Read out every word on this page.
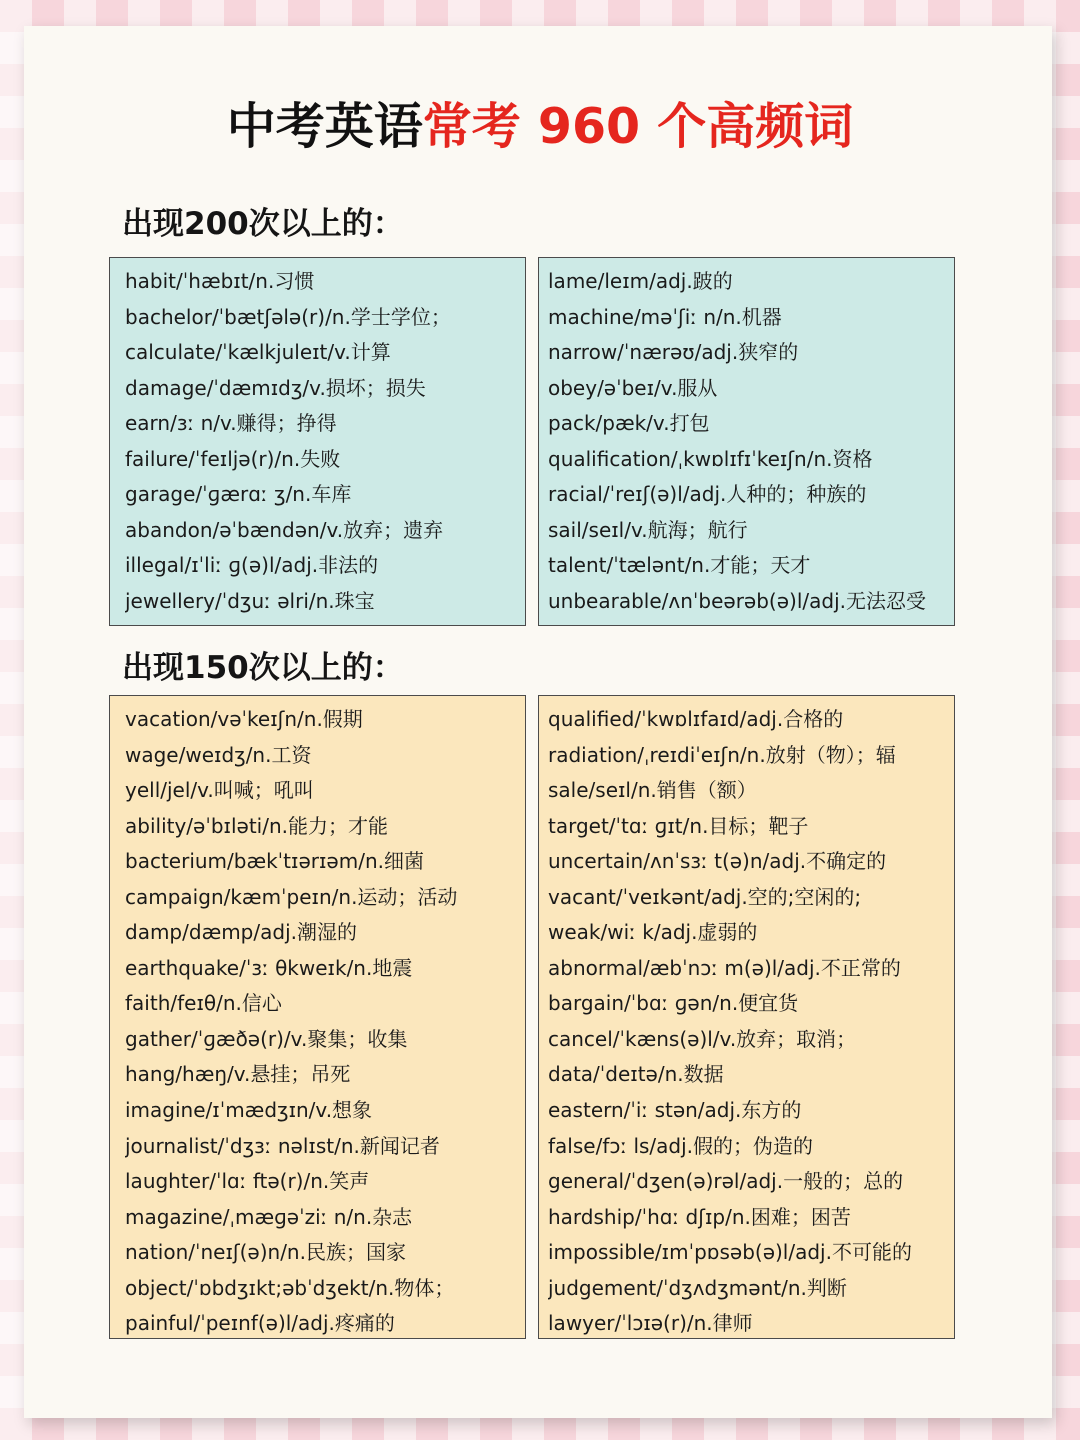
中考英语常考 960 个高频词
出现200次以上的：
habit/ˈhæbɪt/n.习惯
bachelor/ˈbætʃələ(r)/n.学士学位；
calculate/ˈkælkjuleɪt/v.计算
damage/ˈdæmɪdʒ/v.损坏；损失
earn/ɜː n/v.赚得；挣得
failure/ˈfeɪljə(r)/n.失败
garage/ˈɡærɑː ʒ/n.车库
abandon/əˈbændən/v.放弃；遗弃
illegal/ɪˈliː ɡ(ə)l/adj.非法的
jewellery/ˈdʒuː əlri/n.珠宝
lame/leɪm/adj.跛的
machine/məˈʃiː n/n.机器
narrow/ˈnærəʊ/adj.狭窄的
obey/əˈbeɪ/v.服从
pack/pæk/v.打包
qualification/ˌkwɒlɪfɪˈkeɪʃn/n.资格
racial/ˈreɪʃ(ə)l/adj.人种的；种族的
sail/seɪl/v.航海；航行
talent/ˈtælənt/n.才能；天才
unbearable/ʌnˈbeərəb(ə)l/adj.无法忍受
出现150次以上的：
vacation/vəˈkeɪʃn/n.假期
wage/weɪdʒ/n.工资
yell/jel/v.叫喊；吼叫
ability/əˈbɪləti/n.能力；才能
bacterium/bækˈtɪərɪəm/n.细菌
campaign/kæmˈpeɪn/n.运动；活动
damp/dæmp/adj.潮湿的
earthquake/ˈɜː θkweɪk/n.地震
faith/feɪθ/n.信心
gather/ˈɡæðə(r)/v.聚集；收集
hang/hæŋ/v.悬挂；吊死
imagine/ɪˈmædʒɪn/v.想象
journalist/ˈdʒɜː nəlɪst/n.新闻记者
laughter/ˈlɑː ftə(r)/n.笑声
magazine/ˌmæɡəˈziː n/n.杂志
nation/ˈneɪʃ(ə)n/n.民族；国家
object/ˈɒbdʒɪkt;əbˈdʒekt/n.物体；
painful/ˈpeɪnf(ə)l/adj.疼痛的
qualified/ˈkwɒlɪfaɪd/adj.合格的
radiation/ˌreɪdiˈeɪʃn/n.放射（物）；辐
sale/seɪl/n.销售（额）
target/ˈtɑː ɡɪt/n.目标；靶子
uncertain/ʌnˈsɜː t(ə)n/adj.不确定的
vacant/ˈveɪkənt/adj.空的;空闲的;
weak/wiː k/adj.虚弱的
abnormal/æbˈnɔː m(ə)l/adj.不正常的
bargain/ˈbɑː ɡən/n.便宜货
cancel/ˈkæns(ə)l/v.放弃；取消；
data/ˈdeɪtə/n.数据
eastern/ˈiː stən/adj.东方的
false/fɔː ls/adj.假的；伪造的
general/ˈdʒen(ə)rəl/adj.一般的；总的
hardship/ˈhɑː dʃɪp/n.困难；困苦
impossible/ɪmˈpɒsəb(ə)l/adj.不可能的
judgement/ˈdʒʌdʒmənt/n.判断
lawyer/ˈlɔɪə(r)/n.律师
